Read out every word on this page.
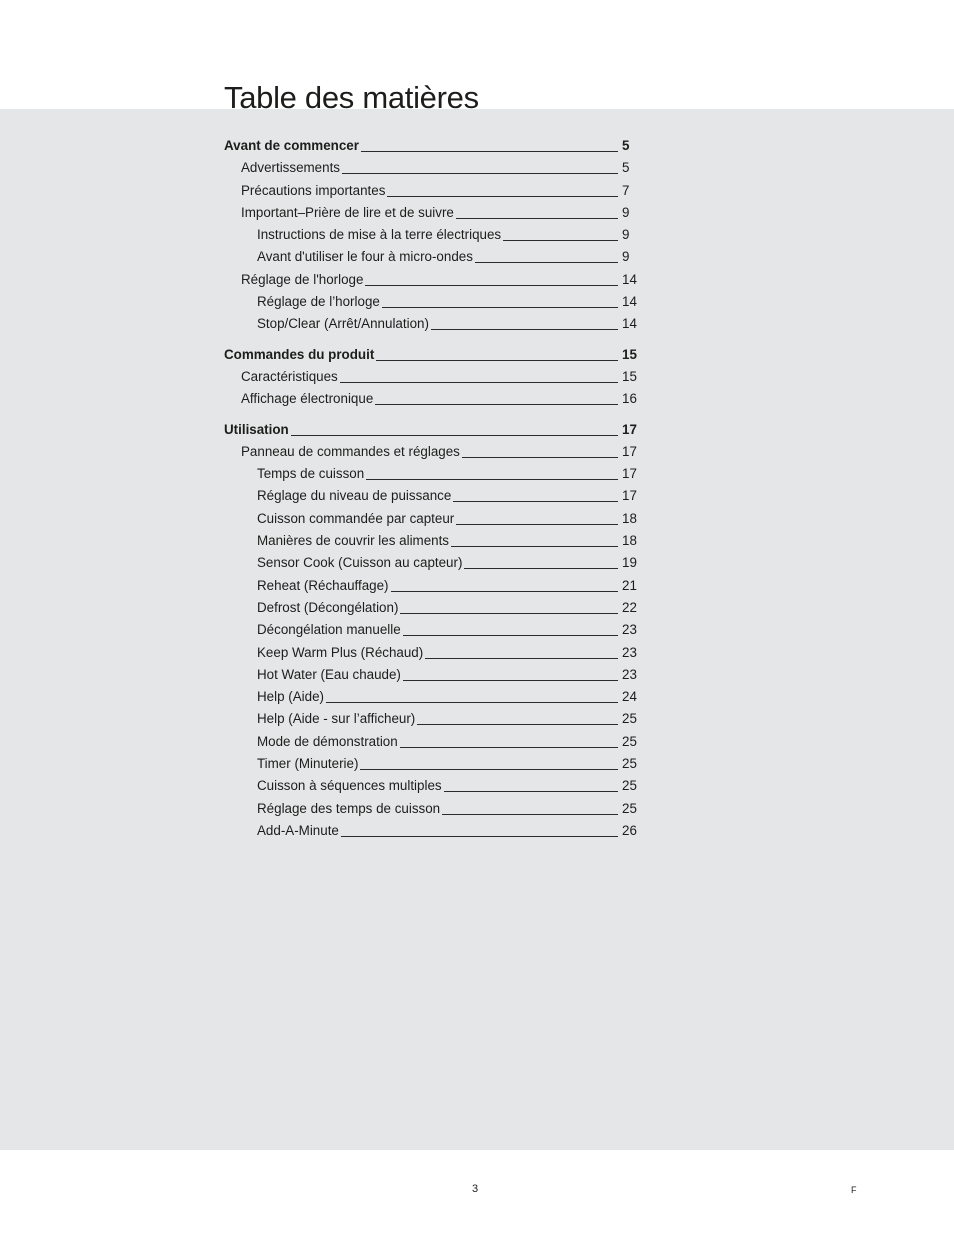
Table des matières
Avant de commencer	5
Advertissements	5
Précautions importantes	7
Important–Prière de lire et de suivre	9
Instructions de mise à la terre électriques	9
Avant d'utiliser le four à micro-ondes	9
Réglage de l'horloge	14
Réglage de l’horloge	14
Stop/Clear (Arrêt/Annulation)	14
Commandes du produit	15
Caractéristiques	15
Affichage électronique	16
Utilisation	17
Panneau de commandes et réglages	17
Temps de cuisson	17
Réglage du niveau de puissance	17
Cuisson commandée par capteur	18
Manières de couvrir les aliments	18
Sensor Cook (Cuisson au capteur)	19
Reheat (Réchauffage)	21
Defrost (Décongélation)	22
Décongélation manuelle	23
Keep Warm Plus (Réchaud)	23
Hot Water (Eau chaude)	23
Help (Aide)	24
Help (Aide - sur l’afficheur)	25
Mode de démonstration	25
Timer (Minuterie)	25
Cuisson à séquences multiples	25
Réglage des temps de cuisson	25
Add-A-Minute	26
3	F
